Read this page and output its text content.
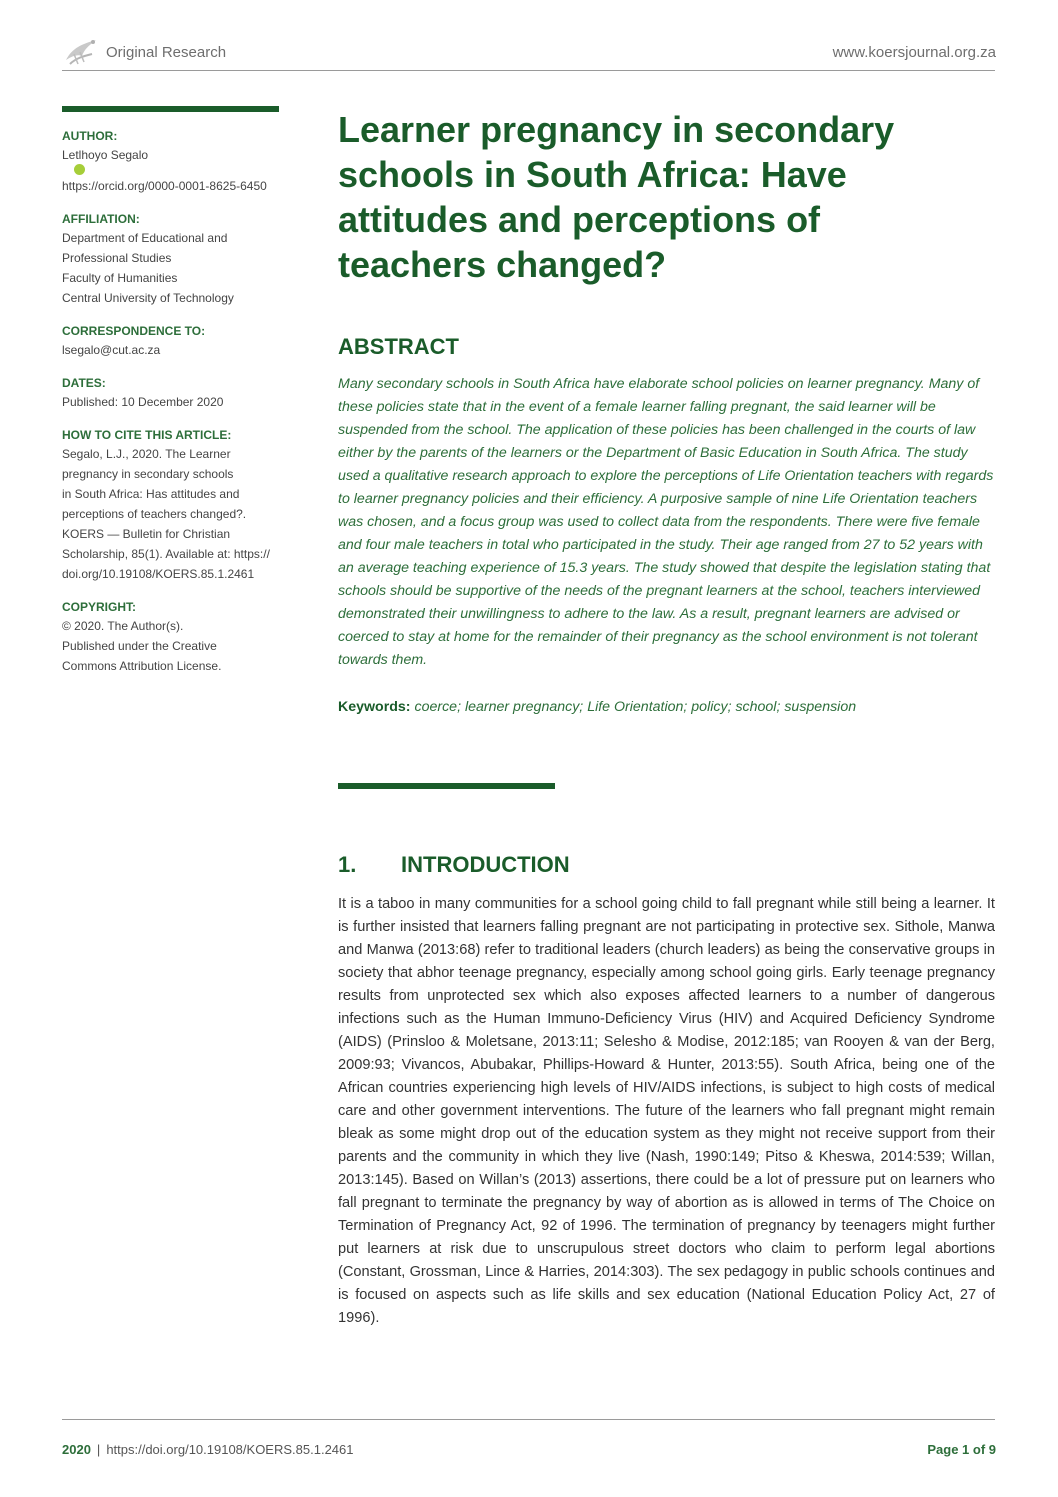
Original Research	www.koersjournal.org.za

AUTHOR:

Letlhoyo Segalo
https://orcid.org/0000-0001-8625-6450

AFFILIATION:

Department of Educational and
Professional Studies
Faculty of Humanities
Central University of Technology

CORRESPONDENCE TO:

lsegalo@cut.ac.za

DATES:

Published: 10 December 2020

HOW TO CITE THIS ARTICLE:

Segalo, L.J., 2020. The Learner
pregnancy in secondary schools
in South Africa: Has attitudes and
perceptions of teachers changed?.
KOERS — Bulletin for Christian
Scholarship, 85(1). Available at: https://
doi.org/10.19108/KOERS.85.1.2461

COPYRIGHT:

© 2020. The Author(s).
Published under the Creative
Commons Attribution License.

Learner pregnancy in secondary schools in South Africa: Have attitudes and perceptions of teachers changed?
ABSTRACT

Many secondary schools in South Africa have elaborate school policies on learner pregnancy. Many of these policies state that in the event of a female learner falling pregnant, the said learner will be suspended from the school. The application of these policies has been challenged in the courts of law either by the parents of the learners or the Department of Basic Education in South Africa. The study used a qualitative research approach to explore the perceptions of Life Orientation teachers with regards to learner pregnancy policies and their efficiency. A purposive sample of nine Life Orientation teachers was chosen, and a focus group was used to collect data from the respondents. There were five female and four male teachers in total who participated in the study. Their age ranged from 27 to 52 years with an average teaching experience of 15.3 years. The study showed that despite the legislation stating that schools should be supportive of the needs of the pregnant learners at the school, teachers interviewed demonstrated their unwillingness to adhere to the law. As a result, pregnant learners are advised or coerced to stay at home for the remainder of their pregnancy as the school environment is not tolerant towards them.

Keywords: coerce; learner pregnancy; Life Orientation; policy; school; suspension

1. INTRODUCTION

It is a taboo in many communities for a school going child to fall pregnant while still being a learner. It is further insisted that learners falling pregnant are not participating in protective sex. Sithole, Manwa and Manwa (2013:68) refer to traditional leaders (church leaders) as being the conservative groups in society that abhor teenage pregnancy, especially among school going girls. Early teenage pregnancy results from unprotected sex which also exposes affected learners to a number of dangerous infections such as the Human Immuno-Deficiency Virus (HIV) and Acquired Deficiency Syndrome (AIDS) (Prinsloo & Moletsane, 2013:11; Selesho & Modise, 2012:185; van Rooyen & van der Berg, 2009:93; Vivancos, Abubakar, Phillips-Howard & Hunter, 2013:55). South Africa, being one of the African countries experiencing high levels of HIV/AIDS infections, is subject to high costs of medical care and other government interventions. The future of the learners who fall pregnant might remain bleak as some might drop out of the education system as they might not receive support from their parents and the community in which they live (Nash, 1990:149; Pitso & Kheswa, 2014:539; Willan, 2013:145). Based on Willan’s (2013) assertions, there could be a lot of pressure put on learners who fall pregnant to terminate the pregnancy by way of abortion as is allowed in terms of The Choice on Termination of Pregnancy Act, 92 of 1996. The termination of pregnancy by teenagers might further put learners at risk due to unscrupulous street doctors who claim to perform legal abortions (Constant, Grossman, Lince & Harries, 2014:303). The sex pedagogy in public schools continues and is focused on aspects such as life skills and sex education (National Education Policy Act, 27 of 1996).

2020 | https://doi.org/10.19108/KOERS.85.1.2461	Page 1 of 9
